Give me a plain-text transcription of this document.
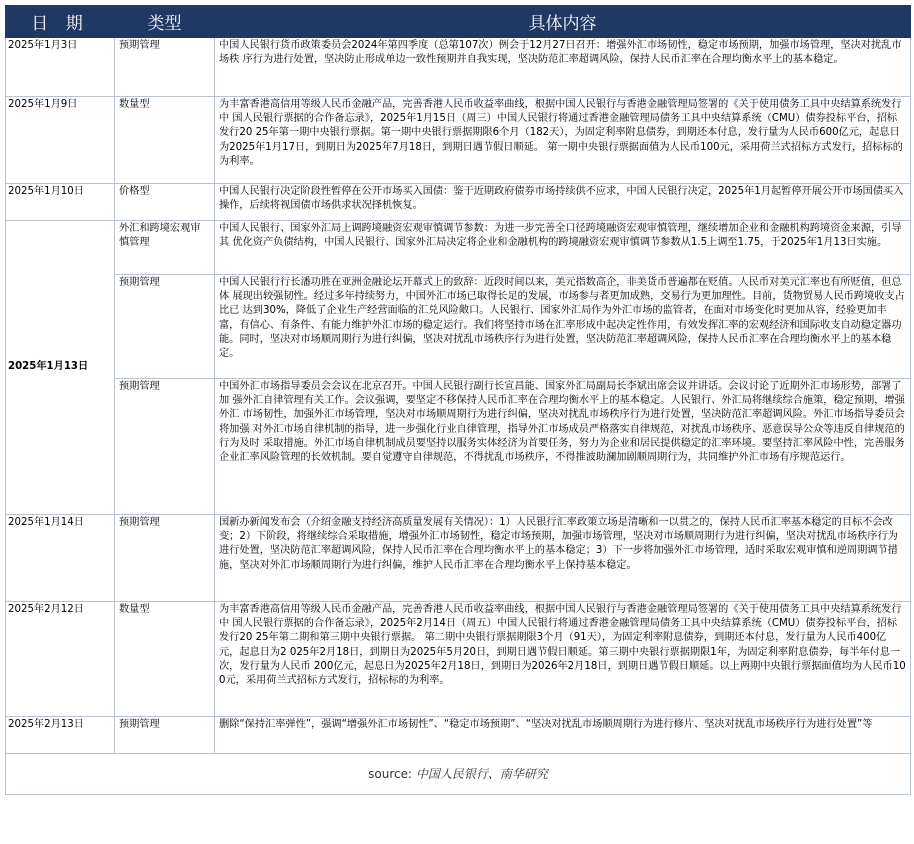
日 期	类型	具体内容
2025年1月3日	预期管理	中国人民银行货币政策委员会2024年第四季度（总第107次）例会于12月27日召开：增强外汇市场韧性，稳定市场预期，加强市场管理，坚决对扰乱市场秩 序行为进行处置，坚决防止形成单边一致性预期并自我实现，坚决防范汇率超调风险，保持人民币汇率在合理均衡水平上的基本稳定。
2025年1月9日	数量型	为丰富香港高信用等级人民币金融产品，完善香港人民币收益率曲线，根据中国人民银行与香港金融管理局签署的《关于使用债务工具中央结算系统发行中 国人民银行票据的合作备忘录》，2025年1月15日（周三）中国人民银行将通过香港金融管理局债务工具中央结算系统（CMU）债券投标平台，招标发行20 25年第一期中央银行票据。第一期中央银行票据期限6个月（182天），为固定利率附息债券，到期还本付息，发行量为人民币600亿元，起息日为2025年1月17日，到期日为2025年7月18日，到期日遇节假日顺延。 第一期中央银行票据面值为人民币100元，采用荷兰式招标方式发行，招标标的为利率。
2025年1月10日	价格型	中国人民银行决定阶段性暂停在公开市场买入国债：鉴于近期政府债券市场持续供不应求，中国人民银行决定，2025年1月起暂停开展公开市场国债买入操作，后续将视国债市场供求状况择机恢复。
2025年1月13日	外汇和跨境宏观审慎管理	中国人民银行、国家外汇局上调跨境融资宏观审慎调节参数：为进一步完善全口径跨境融资宏观审慎管理，继续增加企业和金融机构跨境资金来源，引导其 优化资产负债结构，中国人民银行、国家外汇局决定将企业和金融机构的跨境融资宏观审慎调节参数从1.5上调至1.75，于2025年1月13日实施。
	预期管理	中国人民银行行长潘功胜在亚洲金融论坛开幕式上的致辞：近段时间以来，美元指数高企，非美货币普遍都在贬值。人民币对美元汇率也有所贬值，但总体 展现出较强韧性。经过多年持续努力，中国外汇市场已取得长足的发展，市场参与者更加成熟，交易行为更加理性。目前，货物贸易人民币跨境收支占比已 达到30%，降低了企业生产经营面临的汇兑风险敞口。人民银行、国家外汇局作为外汇市场的监管者，在面对市场变化时更加从容，经验更加丰富，有信心、有条件、有能力维护外汇市场的稳定运行。我们将坚持市场在汇率形成中起决定性作用，有效发挥汇率的宏观经济和国际收支自动稳定器功能。同时，坚决对市场顺周期行为进行纠偏，坚决对扰乱市场秩序行为进行处置，坚决防范汇率超调风险，保持人民币汇率在合理均衡水平上的基本稳定。
	预期管理	中国外汇市场指导委员会会议在北京召开。中国人民银行副行长宣昌能、国家外汇局副局长李斌出席会议并讲话。会议讨论了近期外汇市场形势，部署了加 强外汇自律管理有关工作。会议强调，要坚定不移保持人民币汇率在合理均衡水平上的基本稳定。人民银行、外汇局将继续综合施策，稳定预期，增强外汇 市场韧性，加强外汇市场管理，坚决对市场顺周期行为进行纠偏，坚决对扰乱市场秩序行为进行处置，坚决防范汇率超调风险。外汇市场指导委员会将加强 对外汇市场自律机制的指导，进一步强化行业自律管理，指导外汇市场成员严格落实自律规范，对扰乱市场秩序、恶意误导公众等违反自律规范的行为及时 采取措施。外汇市场自律机制成员要坚持以服务实体经济为首要任务，努力为企业和居民提供稳定的汇率环境。要坚持汇率风险中性，完善服务企业汇率风险管理的长效机制。要自觉遵守自律规范，不得扰乱市场秩序，不得推波助澜加剧顺周期行为，共同维护外汇市场有序规范运行。
2025年1月14日	预期管理	国新办新闻发布会（介绍金融支持经济高质量发展有关情况）：1）人民银行汇率政策立场是清晰和一以贯之的，保持人民币汇率基本稳定的目标不会改变；2）下阶段，将继续综合采取措施，增强外汇市场韧性，稳定市场预期，加强市场管理，坚决对市场顺周期行为进行纠偏，坚决对扰乱市场秩序行为进行处置，坚决防范汇率超调风险，保持人民币汇率在合理均衡水平上的基本稳定；3）下一步将加强外汇市场管理，适时采取宏观审慎和逆周期调节措施，坚决对外汇市场顺周期行为进行纠偏，维护人民币汇率在合理均衡水平上保持基本稳定。
2025年2月12日	数量型	为丰富香港高信用等级人民币金融产品，完善香港人民币收益率曲线，根据中国人民银行与香港金融管理局签署的《关于使用债务工具中央结算系统发行中 国人民银行票据的合作备忘录》，2025年2月14日（周五）中国人民银行将通过香港金融管理局债务工具中央结算系统（CMU）债券投标平台，招标发行20 25年第二期和第三期中央银行票据。 第二期中央银行票据期限3个月（91天），为固定利率附息债券，到期还本付息，发行量为人民币400亿元，起息日为2 025年2月18日，到期日为2025年5月20日，到期日遇节假日顺延。第三期中央银行票据期限1年，为固定利率附息债券，每半年付息一次，发行量为人民币 200亿元，起息日为2025年2月18日，到期日为2026年2月18日，到期日遇节假日顺延。以上两期中央银行票据面值均为人民币100元，采用荷兰式招标方式发行，招标标的为利率。
2025年2月13日	预期管理	删除“保持汇率弹性”，强调“增强外汇市场韧性”、“稳定市场预期”、“坚决对扰乱市场顺周期行为进行修片、坚决对扰乱市场秩序行为进行处置”等
source: 中国人民银行、南华研究		
